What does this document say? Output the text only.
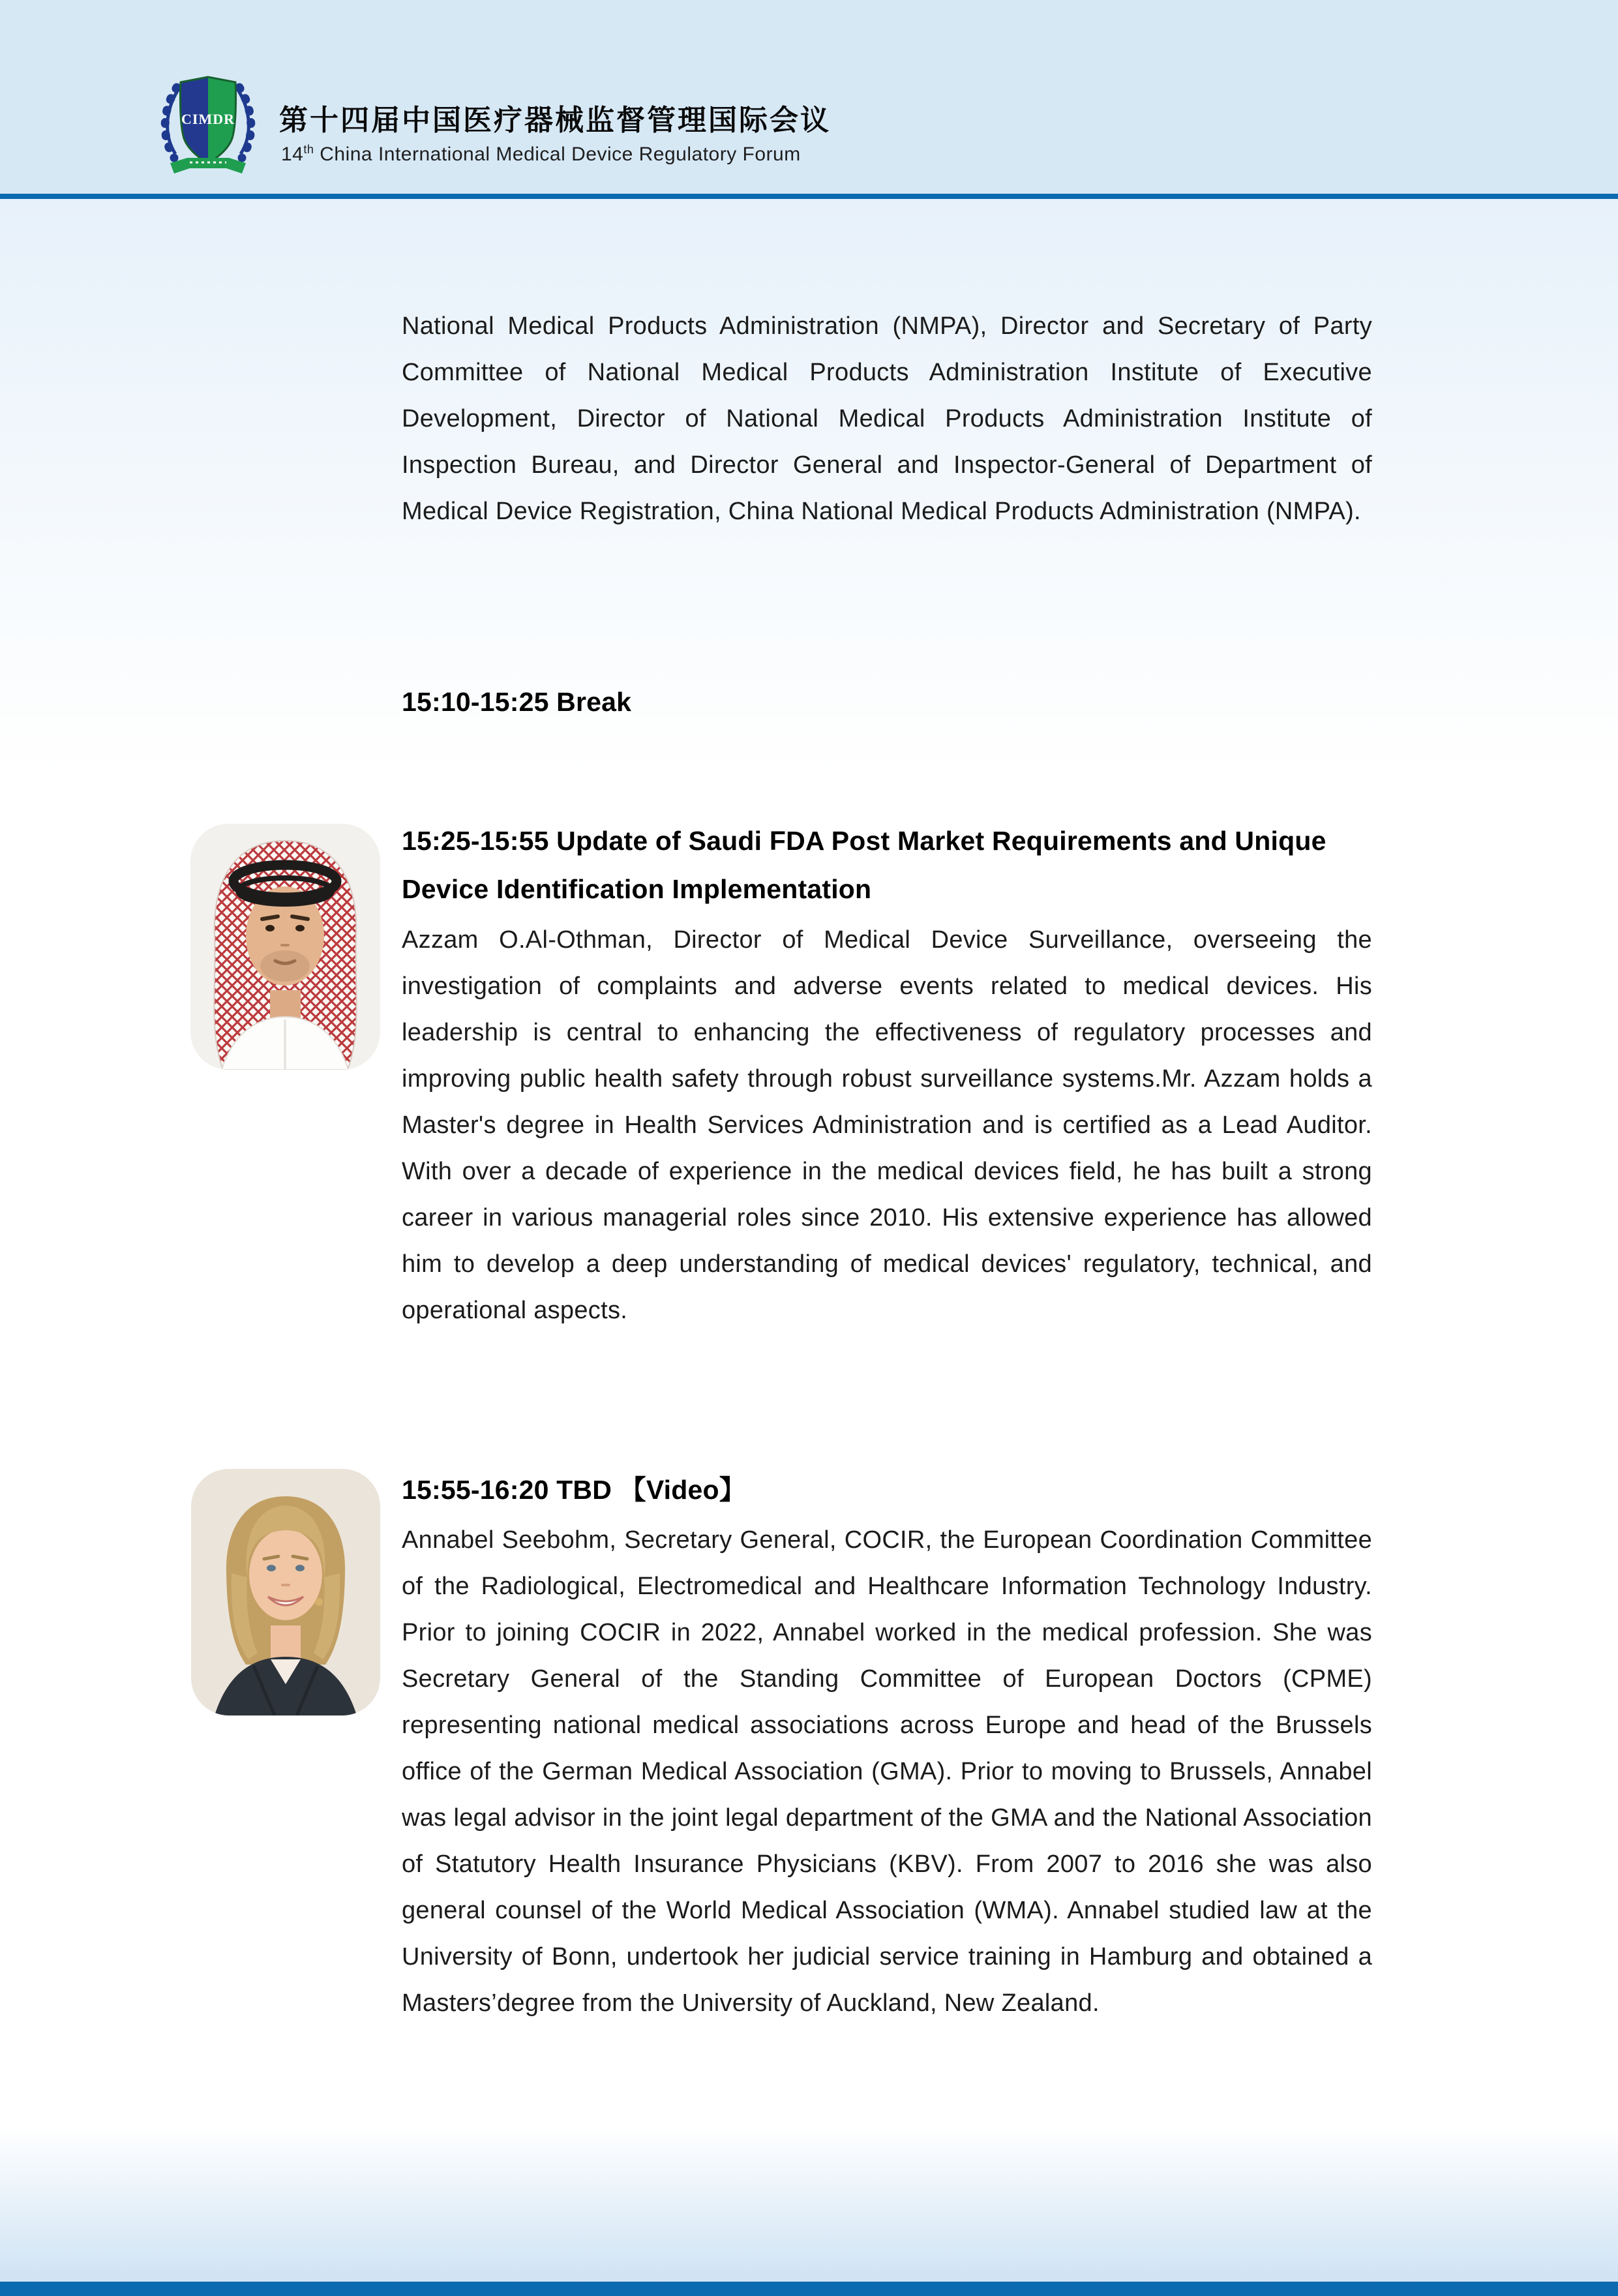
CIMDR 第十四届中国医疗器械监督管理国际会议
14th China International Medical Device Regulatory Forum
National Medical Products Administration (NMPA), Director and Secretary of Party Committee of National Medical Products Administration Institute of Executive Development, Director of National Medical Products Administration Institute of Inspection Bureau, and Director General and Inspector-General of Department of Medical Device Registration, China National Medical Products Administration (NMPA).
15:10-15:25 Break
15:25-15:55 Update of Saudi FDA Post Market Requirements and Unique Device Identification Implementation
Azzam O.Al-Othman, Director of Medical Device Surveillance, overseeing the investigation of complaints and adverse events related to medical devices. His leadership is central to enhancing the effectiveness of regulatory processes and improving public health safety through robust surveillance systems.Mr. Azzam holds a Master's degree in Health Services Administration and is certified as a Lead Auditor. With over a decade of experience in the medical devices field, he has built a strong career in various managerial roles since 2010. His extensive experience has allowed him to develop a deep understanding of medical devices' regulatory, technical, and operational aspects.
15:55-16:20 TBD 【Video】
Annabel Seebohm, Secretary General, COCIR, the European Coordination Committee of the Radiological, Electromedical and Healthcare Information Technology Industry. Prior to joining COCIR in 2022, Annabel worked in the medical profession. She was Secretary General of the Standing Committee of European Doctors (CPME) representing national medical associations across Europe and head of the Brussels office of the German Medical Association (GMA). Prior to moving to Brussels, Annabel was legal advisor in the joint legal department of the GMA and the National Association of Statutory Health Insurance Physicians (KBV). From 2007 to 2016 she was also general counsel of the World Medical Association (WMA). Annabel studied law at the University of Bonn, undertook her judicial service training in Hamburg and obtained a Masters’degree from the University of Auckland, New Zealand.
